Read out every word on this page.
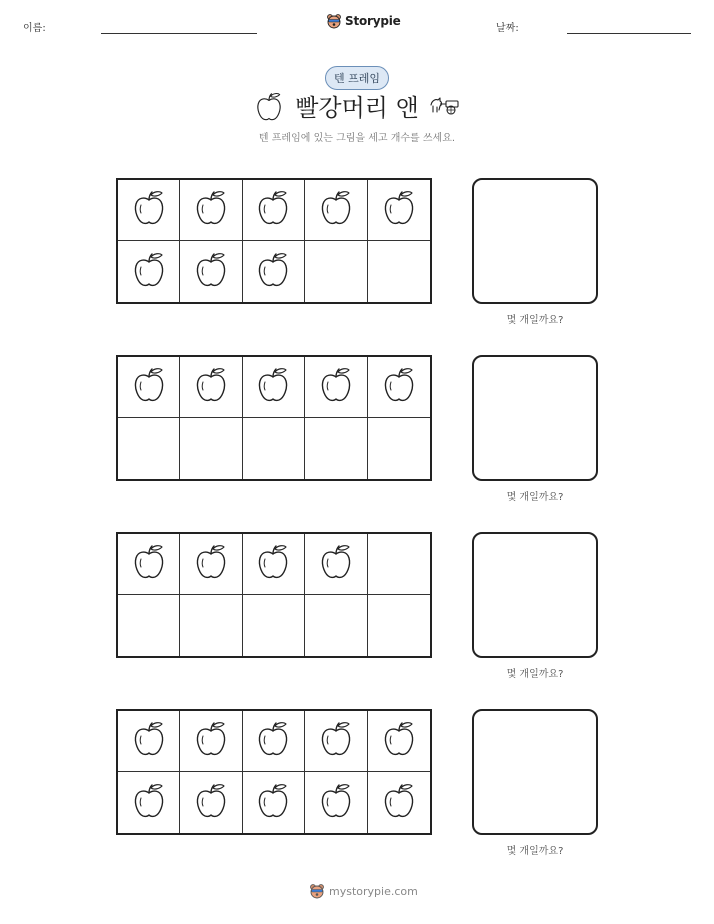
이름:
Storypie
날짜:
텐 프레임
빨강머리 앤
텐 프레임에 있는 그림을 세고 개수를 쓰세요.
몇 개일까요?
몇 개일까요?
몇 개일까요?
몇 개일까요?
mystorypie.com
